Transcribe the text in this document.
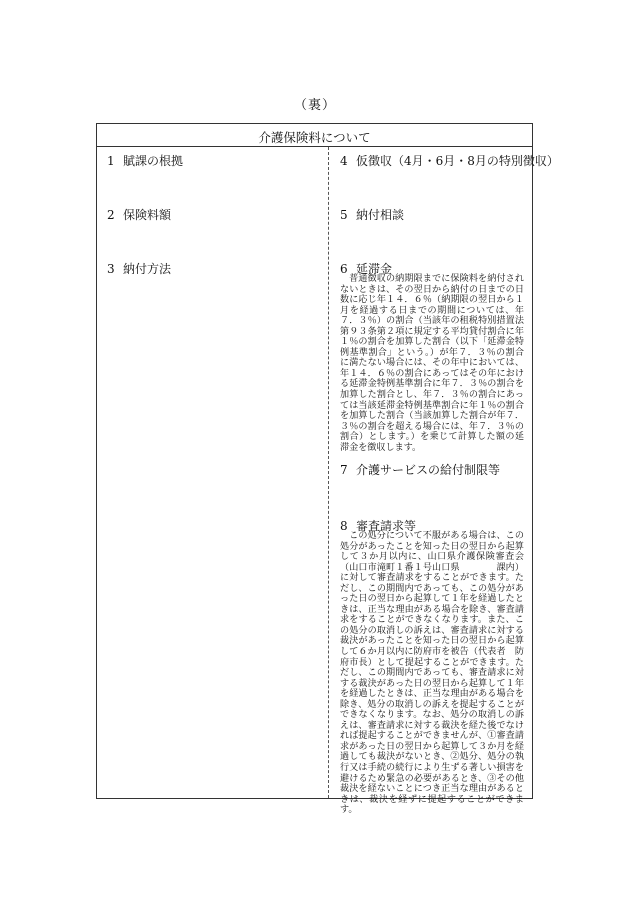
（裏）
介護保険料について
1 賦課の根拠
2 保険料額
3 納付方法
4 仮徴収（4月・6月・8月の特別徴収）
5 納付相談
6 延滞金
普通徴収の納期限までに保険料を納付されないときは、その翌日から納付の日までの日数に応じ年１４．６％（納期限の翌日から１月を経過する日までの期間については、年７．３％）の割合（当該年の租税特別措置法第９３条第２項に規定する平均貸付割合に年１％の割合を加算した割合（以下「延滞金特例基準割合」という。）が年７．３％の割合に満たない場合には、その年中においては、年１４．６％の割合にあってはその年における延滞金特例基準割合に年７．３％の割合を加算した割合とし、年７．３％の割合にあっては当該延滞金特例基準割合に年１％の割合を加算した割合（当該加算した割合が年７．３％の割合を超える場合には、年７．３％の割合）とします。）を乗じて計算した額の延滞金を徴収します。
7 介護サービスの給付制限等
8 審査請求等
この処分について不服がある場合は、この処分があったことを知った日の翌日から起算して３か月以内に、山口県介護保険審査会（山口市滝町１番１号山口県　　　　課内）に対して審査請求をすることができます。ただし、この期間内であっても、この処分があった日の翌日から起算して１年を経過したときは、正当な理由がある場合を除き、審査請求をすることができなくなります。また、この処分の取消しの訴えは、審査請求に対する裁決があったことを知った日の翌日から起算して６か月以内に防府市を被告（代表者　防府市長）として提起することができます。ただし、この期間内であっても、審査請求に対する裁決があった日の翌日から起算して１年を経過したときは、正当な理由がある場合を除き、処分の取消しの訴えを提起することができなくなります。なお、処分の取消しの訴えは、審査請求に対する裁決を経た後でなければ提起することができませんが、①審査請求があった日の翌日から起算して３か月を経過しても裁決がないとき、②処分、処分の執行又は手続の続行により生ずる著しい損害を避けるため緊急の必要があるとき、③その他裁決を経ないことにつき正当な理由があるときは、裁決を経ずに提起することができます。
